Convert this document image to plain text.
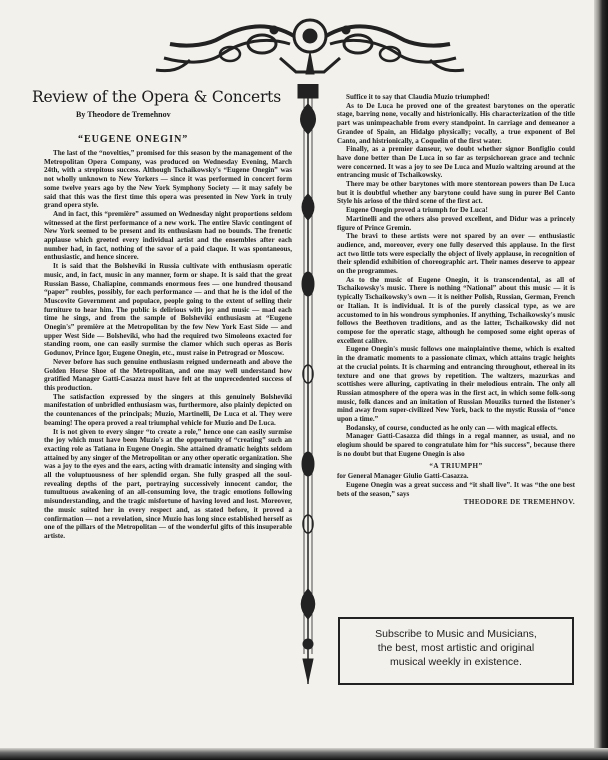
Review of the Opera & Concerts
By Theodore de Tremehnov
“EUGENE ONEGIN”

The last of the “novelties,” promised for this season by the management of the Metropolitan Opera Company, was produced on Wednesday Evening, March 24th, with a strepitous success. Although Tschaikowsky's “Eugene Onegin” was not wholly unknown to New Yorkers — since it was performed in concert form some twelve years ago by the New York Symphony Society — it may safely be said that this was the first time this opera was presented in New York in truly grand opera style.

And in fact, this “première” assumed on Wednesday night proportions seldom witnessed at the first performance of a new work. The entire Slavic contingent of New York seemed to be present and its enthusiasm had no bounds. The frenetic applause which greeted every individual artist and the ensembles after each number had, in fact, nothing of the savor of a paid claque. It was spontaneous, enthusiastic, and hence sincere.

It is said that the Bolsheviki in Russia cultivate with enthusiasm operatic music, and, in fact, music in any manner, form or shape. It is said that the great Russian Basso, Chaliapine, commands enormous fees — one hundred thousand “paper” roubles, possibly, for each performance — and that he is the idol of the Muscovite Government and populace, people going to the extent of selling their furniture to hear him. The public is delirious with joy and music — mad each time he sings, and from the sample of Bolsheviki enthusiasm at “Eugene Onegin's” première at the Metropolitan by the few New York East Side — and upper West Side — Bolsheviki, who had the required two Simoleons exacted for standing room, one can easily surmise the clamor which such operas as Boris Godunov, Prince Igor, Eugene Onegin, etc., must raise in Petrograd or Moscow.

Never before has such genuine enthusiasm reigned underneath and above the Golden Horse Shoe of the Metropolitan, and one may well understand how gratified Manager Gatti-Casazza must have felt at the unprecedented success of this production.

The satisfaction expressed by the singers at this genuinely Bolsheviki manifestation of unbridled enthusiasm was, furthermore, also plainly depicted on the countenances of the principals; Muzio, Martinelli, De Luca et al. They were beaming! The opera proved a real triumphal vehicle for Muzio and De Luca.

It is not given to every singer “to create a role,” hence one can easily surmise the joy which must have been Muzio's at the opportunity of “creating” such an exacting role as Tatiana in Eugene Onegin. She attained dramatic heights seldom attained by any singer of the Metropolitan or any other operatic organization. She was a joy to the eyes and the ears, acting with dramatic intensity and singing with all the voluptuousness of her splendid organ. She fully grasped all the soul-revealing depths of the part, portraying successively innocent candor, the tumultuous awakening of an all-consuming love, the tragic emotions following misunderstanding, and the tragic misfortune of having loved and lost. Moreover, the music suited her in every respect and, as stated before, it proved a confirmation — not a revelation, since Muzio has long since established herself as one of the pillars of the Metropolitan — of the wonderful gifts of this insuperable artiste.

Suffice it to say that Claudia Muzio triumphed!

As to De Luca he proved one of the greatest barytones on the operatic stage, barring none, vocally and histrionically. His characterization of the title part was unimpeachable from every standpoint. In carriage and demeanor a Grandee of Spain, an Hidalgo physically; vocally, a true exponent of Bel Canto, and histrionically, a Coquelin of the first water.

Finally, as a premier danseur, we doubt whether signor Bonfiglio could have done better than De Luca in so far as terpsichorean grace and technic were concerned. It was a joy to see De Luca and Muzio waltzing around at the entrancing music of Tschaikowsky.

There may be other barytones with more stentorean powers than De Luca but it is doubtful whether any barytone could have sung in purer Bel Canto Style his arioso of the third scene of the first act.

Eugene Onegin proved a triumph for De Luca!

Martinelli and the others also proved excellent, and Didur was a princely figure of Prince Gremin.

The bravi to these artists were not spared by an over — enthusiastic audience, and, moreover, every one fully deserved this applause. In the first act two little tots were especially the object of lively applause, in recognition of their splendid exhibition of choreographic art. Their names deserve to appear on the programmes.

As to the music of Eugene Onegin, it is transcendental, as all of Tschaikowsky's music. There is nothing “National” about this music — it is typically Tschaikowsky's own — it is neither Polish, Russian, German, French or Italian. It is individual. It is of the purely classical type, as we are accustomed to in his wondrous symphonies. If anything, Tschaikowsky's music follows the Beethoven traditions, and as the latter, Tschaikowsky did not compose for the operatic stage, although he composed some eight operas of excellent calibre.

Eugene Onegin's music follows one mainplaintive theme, which is exalted in the dramatic moments to a passionate climax, which attains tragic heights at the crucial points. It is charming and entrancing throughout, ethereal in its texture and one that grows by repetition. The waltzers, mazurkas and scottishes were alluring, captivating in their melodious entrain. The only all Russian atmosphere of the opera was in the first act, in which some folk-song music, folk dances and an imitation of Russian Mouziks turned the listener's mind away from super-civilized New York, back to the mystic Russia of “once upon a time.”

Bodansky, of course, conducted as he only can — with magical effects.

Manager Gatti-Casazza did things in a regal manner, as usual, and no elogium should be spared to congratulate him for “his success”, because there is no doubt but that Eugene Onegin is also

“A TRIUMPH”

for General Manager Giulio Gatti-Casazza.

Eugene Onegin was a great success and “it shall live”. It was “the one best bets of the season,” says

THEODORE DE TREMEHNOV.

Subscribe to Music and Musicians,
the best, most artistic and original
musical weekly in existence.
